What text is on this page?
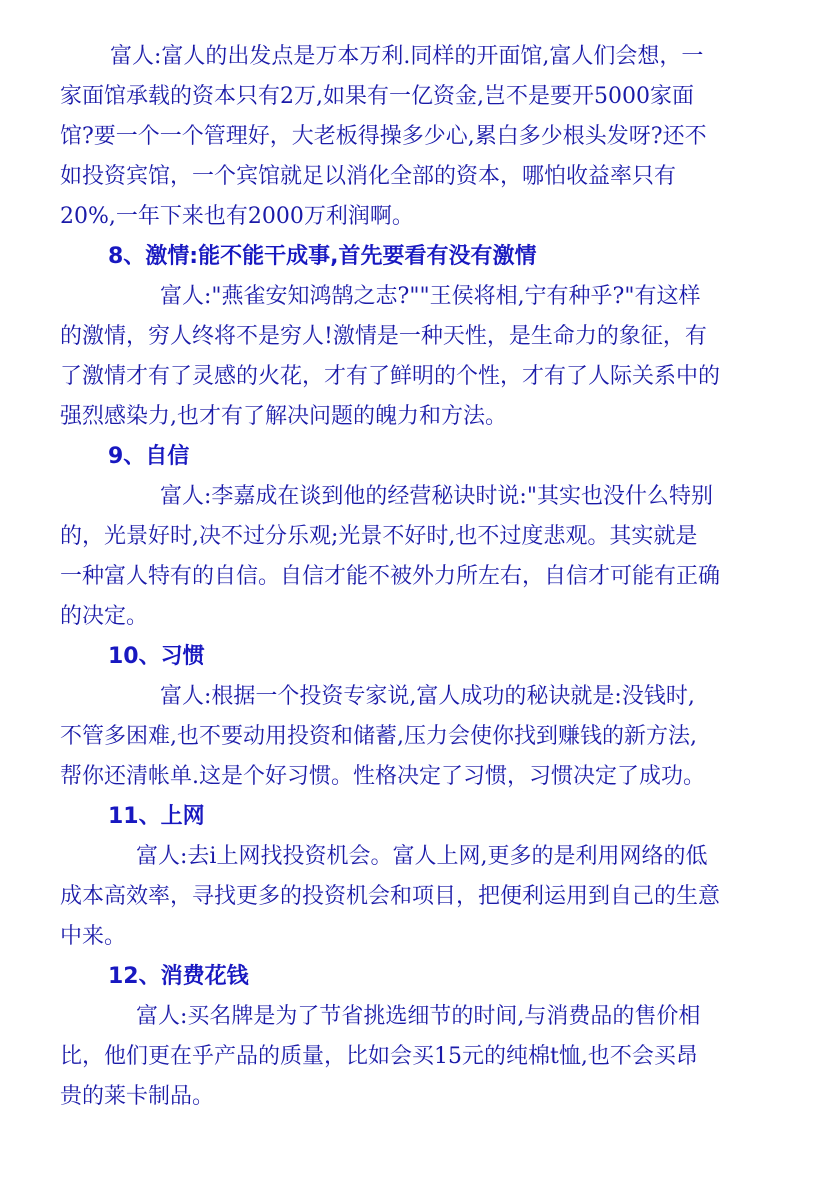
富人:富人的出发点是万本万利.同样的开面馆,富人们会想，一
家面馆承载的资本只有2万,如果有一亿资金,岂不是要开5000家面
馆?要一个一个管理好，大老板得操多少心,累白多少根头发呀?还不
如投资宾馆，一个宾馆就足以消化全部的资本，哪怕收益率只有
20%,一年下来也有2000万利润啊。
8、激情:能不能干成事,首先要看有没有激情
富人:"燕雀安知鸿鹄之志?""王侯将相,宁有种乎?"有这样
的激情，穷人终将不是穷人!激情是一种天性，是生命力的象征，有
了激情才有了灵感的火花，才有了鲜明的个性，才有了人际关系中的
强烈感染力,也才有了解决问题的魄力和方法。
9、自信
富人:李嘉成在谈到他的经营秘诀时说:"其实也没什么特别
的，光景好时,决不过分乐观;光景不好时,也不过度悲观。其实就是
一种富人特有的自信。自信才能不被外力所左右，自信才可能有正确
的决定。
10、习惯
富人:根据一个投资专家说,富人成功的秘诀就是:没钱时,
不管多困难,也不要动用投资和储蓄,压力会使你找到赚钱的新方法,
帮你还清帐单.这是个好习惯。性格决定了习惯，习惯决定了成功。
11、上网
富人:去i上网找投资机会。富人上网,更多的是利用网络的低
成本高效率，寻找更多的投资机会和项目，把便利运用到自己的生意
中来。
12、消费花钱
富人:买名牌是为了节省挑选细节的时间,与消费品的售价相
比，他们更在乎产品的质量，比如会买15元的纯棉t恤,也不会买昂
贵的莱卡制品。
